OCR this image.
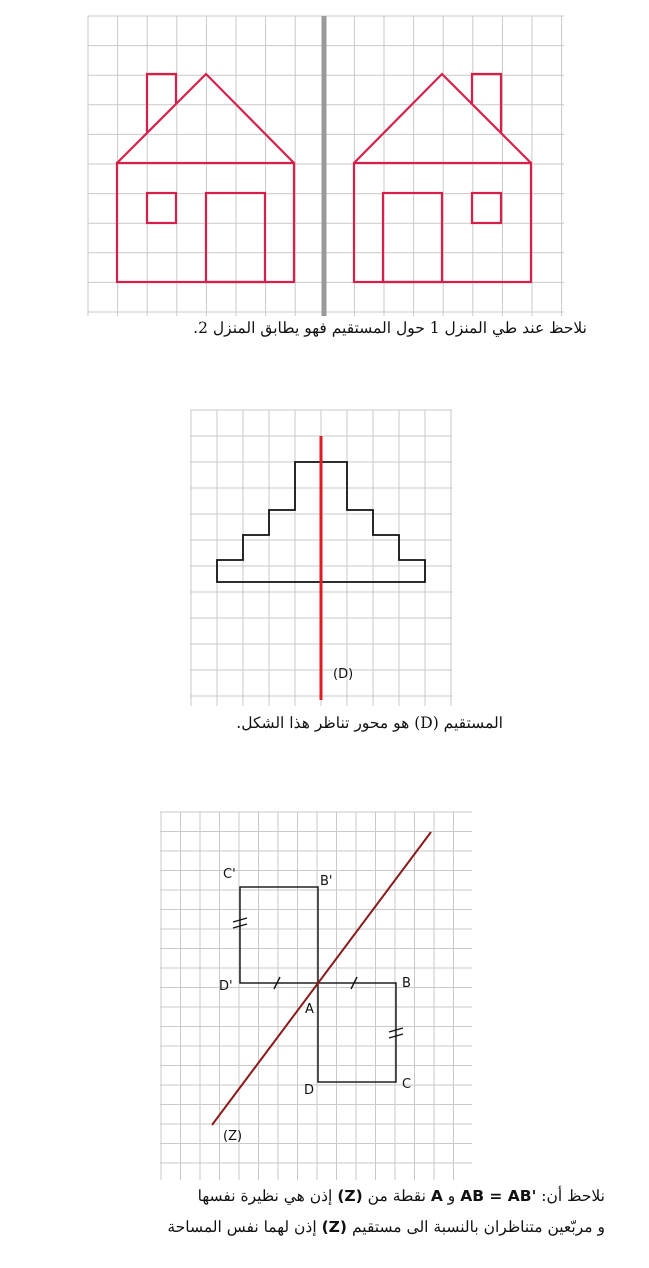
نلاحظ عند طي المنزل 1 حول المستقيم فهو يطابق المنزل 2.
(D)
المستقيم (D) هو محور تناظر هذا الشكل.
C'	B'
D'	B
A
D	C
(Z)
نلاحظ أن: AB = AB' و A نقطة من (Z) إذن هي نظيرة نفسها
و مربّعين متناظران بالنسبة الى مستقيم (Z) إذن لهما نفس المساحة
